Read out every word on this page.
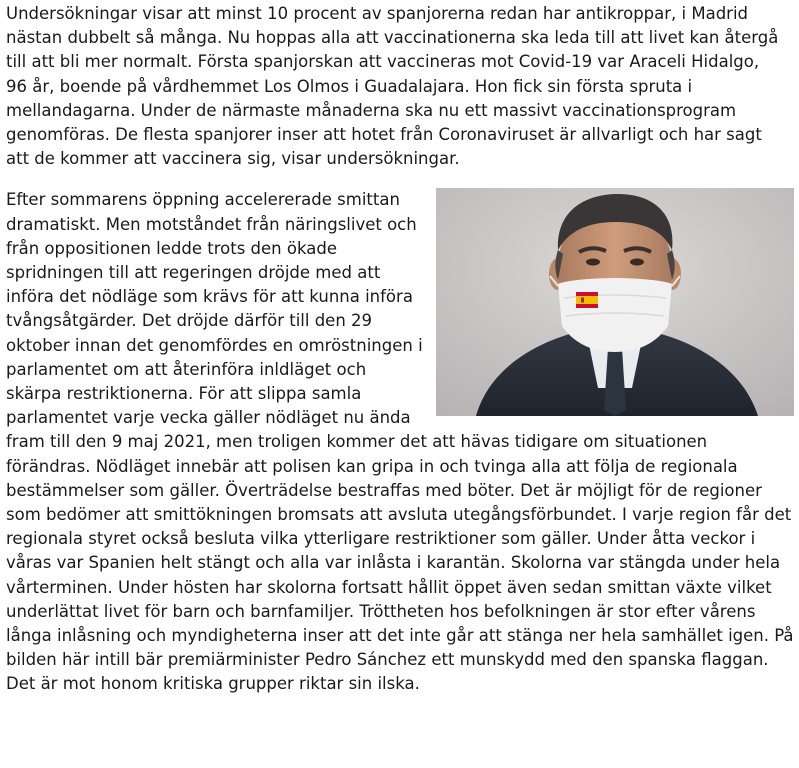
Undersökningar visar att minst 10 procent av spanjorerna redan har antikroppar, i Madrid nästan dubbelt så många. Nu hoppas alla att vaccinationerna ska leda till att livet kan återgå till att bli mer normalt. Första spanjorskan att vaccineras mot Covid-19 var Araceli Hidalgo, 96 år, boende på vårdhemmet Los Olmos i Guadalajara. Hon fick sin första spruta i mellandagarna. Under de närmaste månaderna ska nu ett massivt vaccinationsprogram genomföras. De flesta spanjorer inser att hotet från Coronaviruset är allvarligt och har sagt att de kommer att vaccinera sig, visar undersökningar.

Efter sommarens öppning accelererade smittan dramatiskt. Men motståndet från näringslivet och från oppositionen ledde trots den ökade spridningen till att regeringen dröjde med att införa det nödläge som krävs för att kunna införa tvångsåtgärder. Det dröjde därför till den 29 oktober innan det genomfördes en omröstningen i parlamentet om att återinföra inldläget och skärpa restriktionerna. För att slippa samla parlamentet varje vecka gäller nödläget nu ända fram till den 9 maj 2021, men troligen kommer det att hävas tidigare om situationen förändras. Nödläget innebär att polisen kan gripa in och tvinga alla att följa de regionala bestämmelser som gäller. Överträdelse bestraffas med böter. Det är möjligt för de regioner som bedömer att smittökningen bromsats att avsluta utegångsförbundet. I varje region får det regionala styret också besluta vilka ytterligare restriktioner som gäller. Under åtta veckor i våras var Spanien helt stängt och alla var inlåsta i karantän. Skolorna var stängda under hela vårterminen. Under hösten har skolorna fortsatt hållit öppet även sedan smittan växte vilket underlättat livet för barn och barnfamiljer. Tröttheten hos befolkningen är stor efter vårens långa inlåsning och myndigheterna inser att det inte går att stänga ner hela samhället igen. På bilden här intill bär premiärminister Pedro Sánchez ett munskydd med den spanska flaggan. Det är mot honom kritiska grupper riktar sin ilska.
